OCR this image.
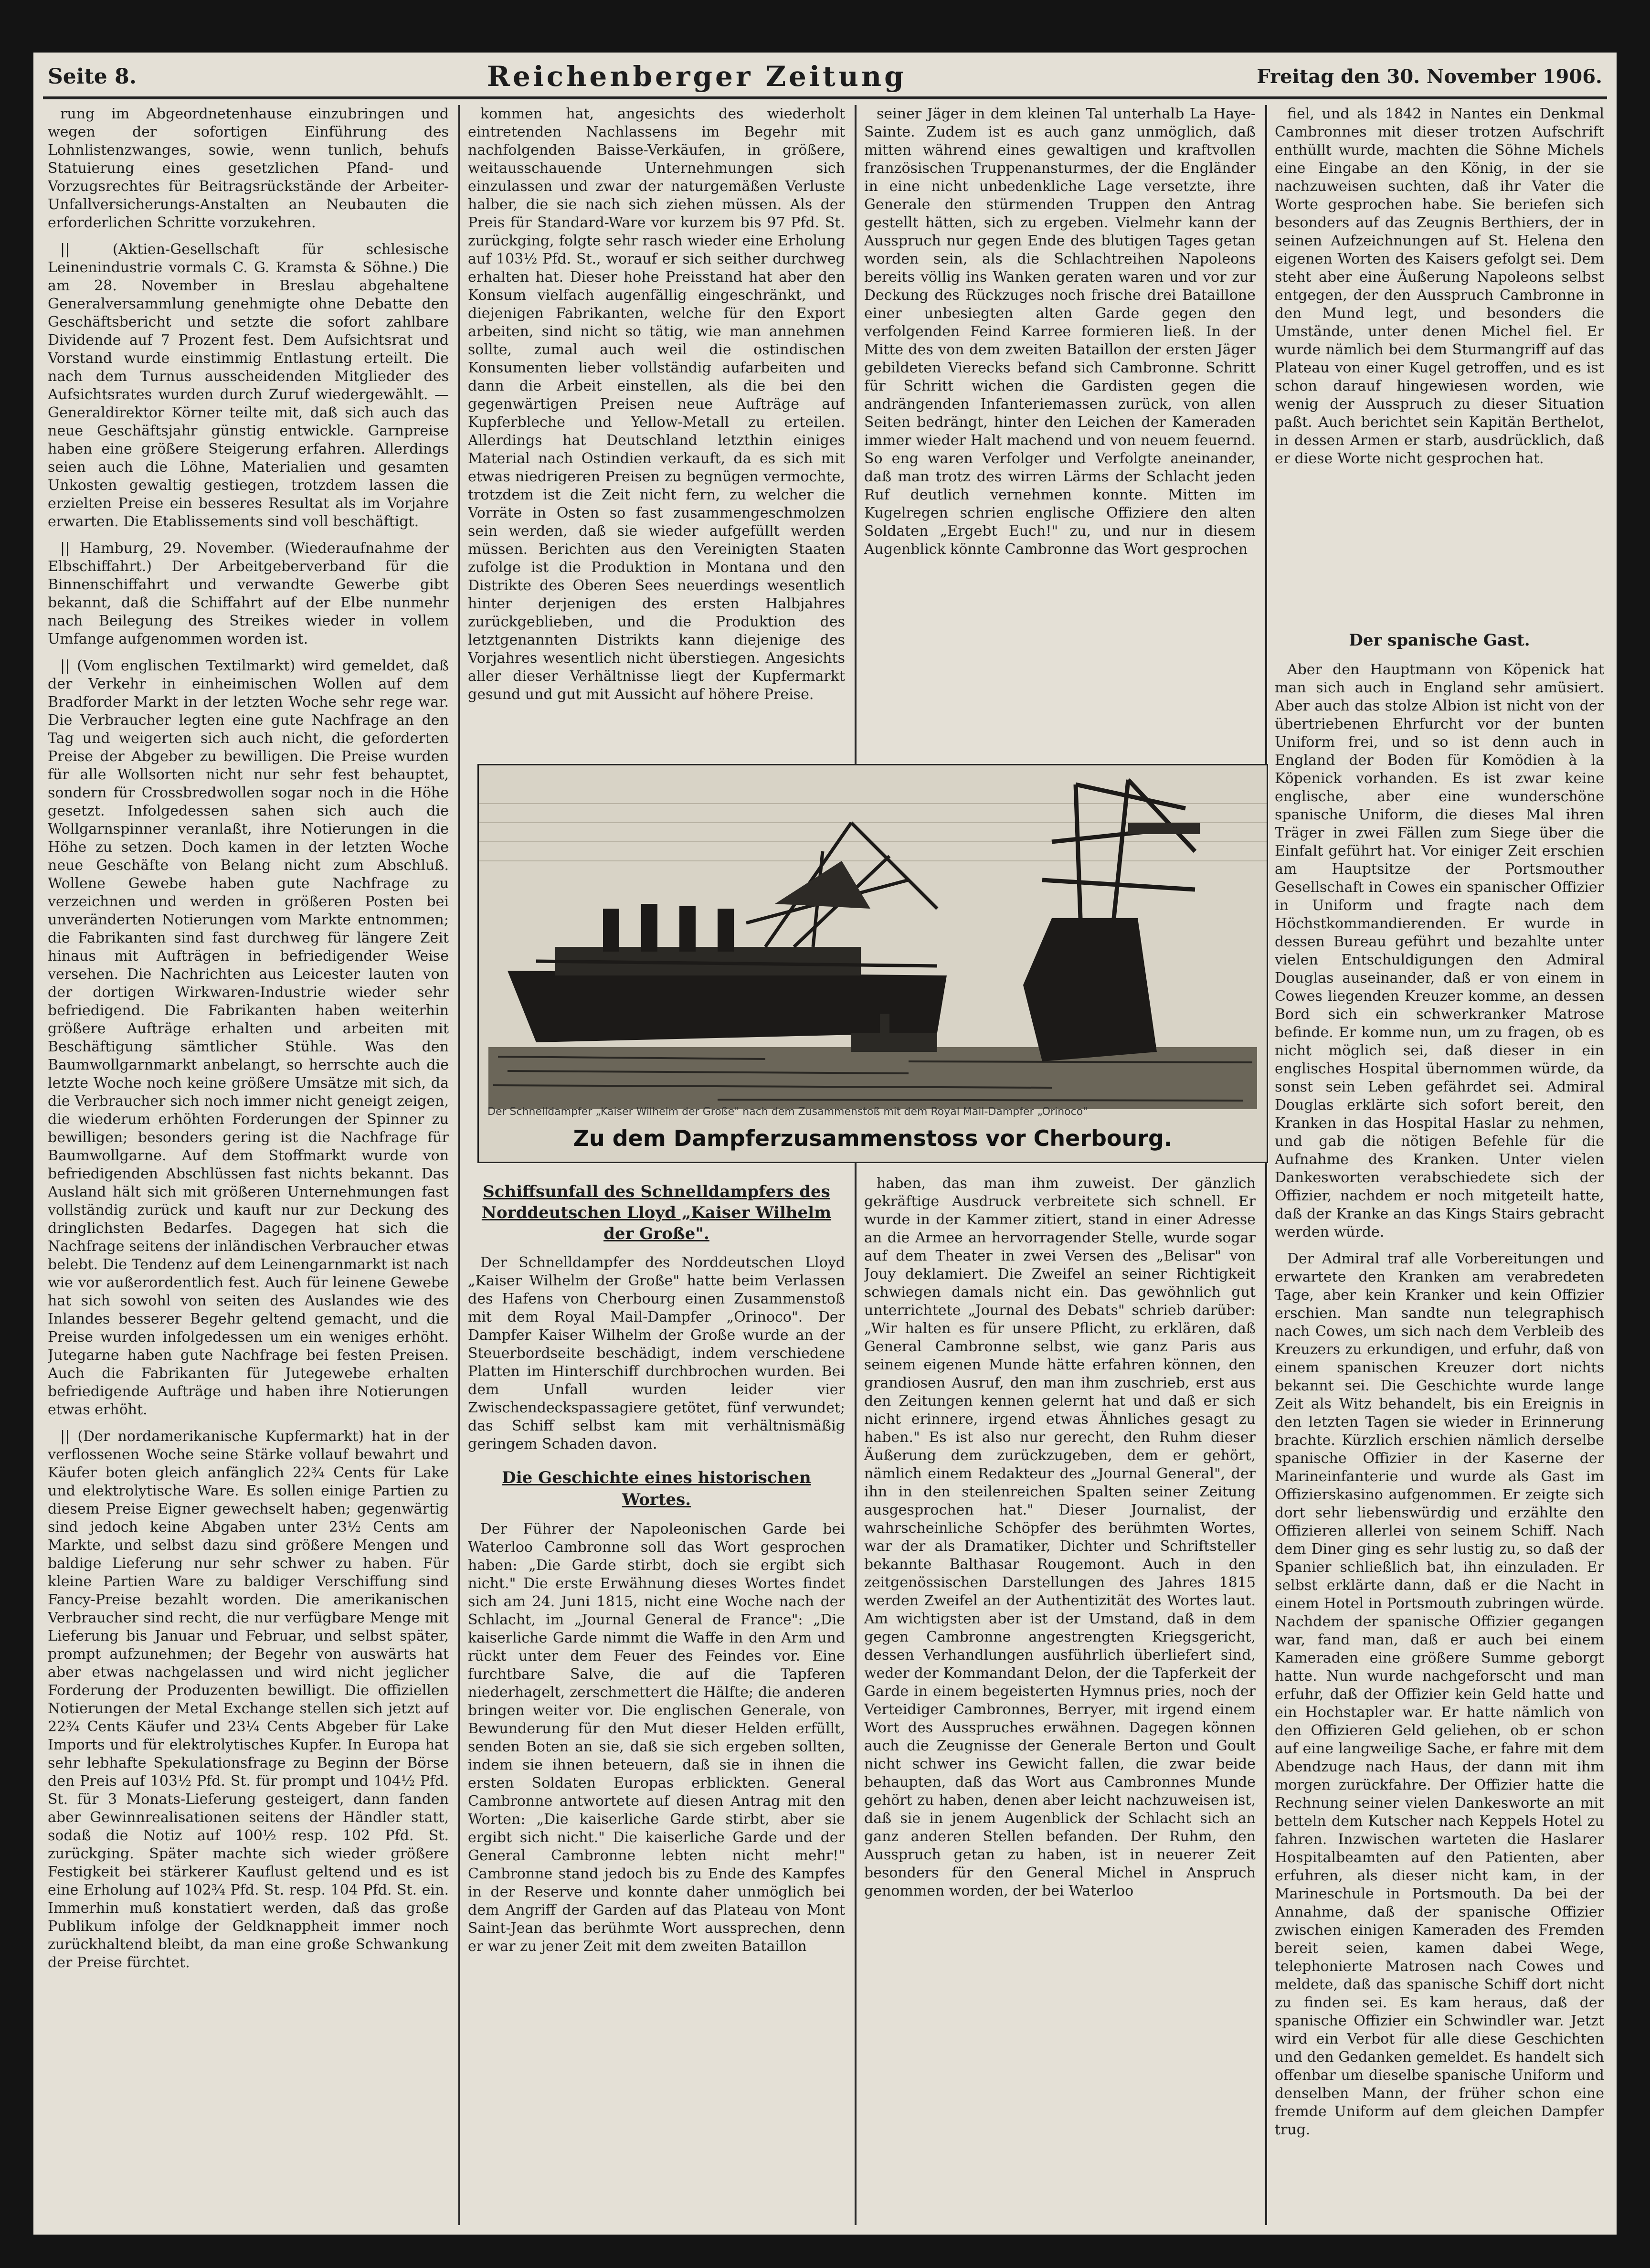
Seite 8.	Reichenberger Zeitung	Freitag den 30. November 1906.

rung im Abgeordnetenhause einzubringen und wegen der sofortigen Einführung des Lohnlistenzwanges, sowie, wenn tunlich, behufs Statuierung eines gesetzlichen Pfand- und Vorzugsrechtes für Beitragsrückstände der Arbeiter-Unfallversicherungs-Anstalten an Neubauten die erforderlichen Schritte vorzukehren.

|| (Aktien-Gesellschaft für schlesische Leinenindustrie vormals C. G. Kramsta & Söhne.) Die am 28. November in Breslau abgehaltene Generalversammlung genehmigte ohne Debatte den Geschäftsbericht und setzte die sofort zahlbare Dividende auf 7 Prozent fest. Dem Aufsichtsrat und Vorstand wurde einstimmig Entlastung erteilt. Die nach dem Turnus ausscheidenden Mitglieder des Aufsichtsrates wurden durch Zuruf wiedergewählt. — Generaldirektor Körner teilte mit, daß sich auch das neue Geschäftsjahr günstig entwickle. Garnpreise haben eine größere Steigerung erfahren. Allerdings seien auch die Löhne, Materialien und gesamten Unkosten gewaltig gestiegen, trotzdem lassen die erzielten Preise ein besseres Resultat als im Vorjahre erwarten. Die Etablissements sind voll beschäftigt.

|| Hamburg, 29. November. (Wiederaufnahme der Elbschiffahrt.) Der Arbeitgeberverband für die Binnenschiffahrt und verwandte Gewerbe gibt bekannt, daß die Schiffahrt auf der Elbe nunmehr nach Beilegung des Streikes wieder in vollem Umfange aufgenommen worden ist.

|| (Vom englischen Textilmarkt) wird gemeldet, daß der Verkehr in einheimischen Wollen auf dem Bradforder Markt in der letzten Woche sehr rege war. Die Verbraucher legten eine gute Nachfrage an den Tag und weigerten sich auch nicht, die geforderten Preise der Abgeber zu bewilligen. Die Preise wurden für alle Wollsorten nicht nur sehr fest behauptet, sondern für Crossbredwollen sogar noch in die Höhe gesetzt. Infolgedessen sahen sich auch die Wollgarnspinner veranlaßt, ihre Notierungen in die Höhe zu setzen. Doch kamen in der letzten Woche neue Geschäfte von Belang nicht zum Abschluß. Wollene Gewebe haben gute Nachfrage zu verzeichnen und werden in größeren Posten bei unveränderten Notierungen vom Markte entnommen; die Fabrikanten sind fast durchweg für längere Zeit hinaus mit Aufträgen in befriedigender Weise versehen. Die Nachrichten aus Leicester lauten von der dortigen Wirkwaren-Industrie wieder sehr befriedigend. Die Fabrikanten haben weiterhin größere Aufträge erhalten und arbeiten mit Beschäftigung sämtlicher Stühle. Was den Baumwollgarnmarkt anbelangt, so herrschte auch die letzte Woche noch keine größere Umsätze mit sich, da die Verbraucher sich noch immer nicht geneigt zeigen, die wiederum erhöhten Forderungen der Spinner zu bewilligen; besonders gering ist die Nachfrage für Baumwollgarne. Auf dem Stoffmarkt wurde von befriedigenden Abschlüssen fast nichts bekannt. Das Ausland hält sich mit größeren Unternehmungen fast vollständig zurück und kauft nur zur Deckung des dringlichsten Bedarfes. Dagegen hat sich die Nachfrage seitens der inländischen Verbraucher etwas belebt. Die Tendenz auf dem Leinengarnmarkt ist nach wie vor außerordentlich fest. Auch für leinene Gewebe hat sich sowohl von seiten des Auslandes wie des Inlandes besserer Begehr geltend gemacht, und die Preise wurden infolgedessen um ein weniges erhöht. Jutegarne haben gute Nachfrage bei festen Preisen. Auch die Fabrikanten für Jutegewebe erhalten befriedigende Aufträge und haben ihre Notierungen etwas erhöht.

|| (Der nordamerikanische Kupfermarkt) hat in der verflossenen Woche seine Stärke vollauf bewahrt und Käufer boten gleich anfänglich 22¾ Cents für Lake und elektrolytische Ware. Es sollen einige Partien zu diesem Preise Eigner gewechselt haben; gegenwärtig sind jedoch keine Abgaben unter 23½ Cents am Markte, und selbst dazu sind größere Mengen und baldige Lieferung nur sehr schwer zu haben. Für kleine Partien Ware zu baldiger Verschiffung sind Fancy-Preise bezahlt worden. Die amerikanischen Verbraucher sind recht, die nur verfügbare Menge mit Lieferung bis Januar und Februar, und selbst später, prompt aufzunehmen; der Begehr von auswärts hat aber etwas nachgelassen und wird nicht jeglicher Forderung der Produzenten bewilligt. Die offiziellen Notierungen der Metal Exchange stellen sich jetzt auf 22¾ Cents Käufer und 23¼ Cents Abgeber für Lake Imports und für elektrolytisches Kupfer. In Europa hat sehr lebhafte Spekulationsfrage zu Beginn der Börse den Preis auf 103½ Pfd. St. für prompt und 104½ Pfd. St. für 3 Monats-Lieferung gesteigert, dann fanden aber Gewinnrealisationen seitens der Händler statt, sodaß die Notiz auf 100½ resp. 102 Pfd. St. zurückging. Später machte sich wieder größere Festigkeit bei stärkerer Kauflust geltend und es ist eine Erholung auf 102¾ Pfd. St. resp. 104 Pfd. St. ein. Immerhin muß konstatiert werden, daß das große Publikum infolge der Geldknappheit immer noch zurückhaltend bleibt, da man eine große Schwankung der Preise fürchtet.

kommen hat, angesichts des wiederholt eintretenden Nachlassens im Begehr mit nachfolgenden Baisse-Verkäufen, in größere, weitausschauende Unternehmungen sich einzulassen und zwar der naturgemäßen Verluste halber, die sie nach sich ziehen müssen. Als der Preis für Standard-Ware vor kurzem bis 97 Pfd. St. zurückging, folgte sehr rasch wieder eine Erholung auf 103½ Pfd. St., worauf er sich seither durchweg erhalten hat. Dieser hohe Preisstand hat aber den Konsum vielfach augenfällig eingeschränkt, und diejenigen Fabrikanten, welche für den Export arbeiten, sind nicht so tätig, wie man annehmen sollte, zumal auch weil die ostindischen Konsumenten lieber vollständig aufarbeiten und dann die Arbeit einstellen, als die bei den gegenwärtigen Preisen neue Aufträge auf Kupferbleche und Yellow-Metall zu erteilen. Allerdings hat Deutschland letzthin einiges Material nach Ostindien verkauft, da es sich mit etwas niedrigeren Preisen zu begnügen vermochte, trotzdem ist die Zeit nicht fern, zu welcher die Vorräte in Osten so fast zusammengeschmolzen sein werden, daß sie wieder aufgefüllt werden müssen. Berichten aus den Vereinigten Staaten zufolge ist die Produktion in Montana und den Distrikte des Oberen Sees neuerdings wesentlich hinter derjenigen des ersten Halbjahres zurückgeblieben, und die Produktion des letztgenannten Distrikts kann diejenige des Vorjahres wesentlich nicht überstiegen. Angesichts aller dieser Verhältnisse liegt der Kupfermarkt gesund und gut mit Aussicht auf höhere Preise.

seiner Jäger in dem kleinen Tal unterhalb La Haye-Sainte. Zudem ist es auch ganz unmöglich, daß mitten während eines gewaltigen und kraftvollen französischen Truppenansturmes, der die Engländer in eine nicht unbedenkliche Lage versetzte, ihre Generale den stürmenden Truppen den Antrag gestellt hätten, sich zu ergeben. Vielmehr kann der Ausspruch nur gegen Ende des blutigen Tages getan worden sein, als die Schlachtreihen Napoleons bereits völlig ins Wanken geraten waren und vor zur Deckung des Rückzuges noch frische drei Bataillone einer unbesiegten alten Garde gegen den verfolgenden Feind Karree formieren ließ. In der Mitte des von dem zweiten Bataillon der ersten Jäger gebildeten Vierecks befand sich Cambronne. Schritt für Schritt wichen die Gardisten gegen die andrängenden Infanteriemassen zurück, von allen Seiten bedrängt, hinter den Leichen der Kameraden immer wieder Halt machend und von neuem feuernd. So eng waren Verfolger und Verfolgte aneinander, daß man trotz des wirren Lärms der Schlacht jeden Ruf deutlich vernehmen konnte. Mitten im Kugelregen schrien englische Offiziere den alten Soldaten „Ergebt Euch!" zu, und nur in diesem Augenblick könnte Cambronne das Wort gesprochen

fiel, und als 1842 in Nantes ein Denkmal Cambronnes mit dieser trotzen Aufschrift enthüllt wurde, machten die Söhne Michels eine Eingabe an den König, in der sie nachzuweisen suchten, daß ihr Vater die Worte gesprochen habe. Sie beriefen sich besonders auf das Zeugnis Berthiers, der in seinen Aufzeichnungen auf St. Helena den eigenen Worten des Kaisers gefolgt sei. Dem steht aber eine Äußerung Napoleons selbst entgegen, der den Ausspruch Cambronne in den Mund legt, und besonders die Umstände, unter denen Michel fiel. Er wurde nämlich bei dem Sturmangriff auf das Plateau von einer Kugel getroffen, und es ist schon darauf hingewiesen worden, wie wenig der Ausspruch zu dieser Situation paßt. Auch berichtet sein Kapitän Berthelot, in dessen Armen er starb, ausdrücklich, daß er diese Worte nicht gesprochen hat.

Der spanische Gast.

Aber den Hauptmann von Köpenick hat man sich auch in England sehr amüsiert. Aber auch das stolze Albion ist nicht von der übertriebenen Ehrfurcht vor der bunten Uniform frei, und so ist denn auch in England der Boden für Komödien à la Köpenick vorhanden. Es ist zwar keine englische, aber eine wunderschöne spanische Uniform, die dieses Mal ihren Träger in zwei Fällen zum Siege über die Einfalt geführt hat. Vor einiger Zeit erschien am Hauptsitze der Portsmouther Gesellschaft in Cowes ein spanischer Offizier in Uniform und fragte nach dem Höchstkommandierenden. Er wurde in dessen Bureau geführt und bezahlte unter vielen Entschuldigungen den Admiral Douglas auseinander, daß er von einem in Cowes liegenden Kreuzer komme, an dessen Bord sich ein schwerkranker Matrose befinde. Er komme nun, um zu fragen, ob es nicht möglich sei, daß dieser in ein englisches Hospital übernommen würde, da sonst sein Leben gefährdet sei. Admiral Douglas erklärte sich sofort bereit, den Kranken in das Hospital Haslar zu nehmen, und gab die nötigen Befehle für die Aufnahme des Kranken. Unter vielen Dankesworten verabschiedete sich der Offizier, nachdem er noch mitgeteilt hatte, daß der Kranke an das Kings Stairs gebracht werden würde.

Der Admiral traf alle Vorbereitungen und erwartete den Kranken am verabredeten Tage, aber kein Kranker und kein Offizier erschien. Man sandte nun telegraphisch nach Cowes, um sich nach dem Verbleib des Kreuzers zu erkundigen, und erfuhr, daß von einem spanischen Kreuzer dort nichts bekannt sei. Die Geschichte wurde lange Zeit als Witz behandelt, bis ein Ereignis in den letzten Tagen sie wieder in Erinnerung brachte. Kürzlich erschien nämlich derselbe spanische Offizier in der Kaserne der Marineinfanterie und wurde als Gast im Offizierskasino aufgenommen. Er zeigte sich dort sehr liebenswürdig und erzählte den Offizieren allerlei von seinem Schiff. Nach dem Diner ging es sehr lustig zu, so daß der Spanier schließlich bat, ihn einzuladen. Er selbst erklärte dann, daß er die Nacht in einem Hotel in Portsmouth zubringen würde. Nachdem der spanische Offizier gegangen war, fand man, daß er auch bei einem Kameraden eine größere Summe geborgt hatte. Nun wurde nachgeforscht und man erfuhr, daß der Offizier kein Geld hatte und ein Hochstapler war. Er hatte nämlich von den Offizieren Geld geliehen, ob er schon auf eine langweilige Sache, er fahre mit dem Abendzuge nach Haus, der dann mit ihm morgen zurückfahre. Der Offizier hatte die Rechnung seiner vielen Dankesworte an mit betteln dem Kutscher nach Keppels Hotel zu fahren. Inzwischen warteten die Haslarer Hospitalbeamten auf den Patienten, aber erfuhren, als dieser nicht kam, in der Marineschule in Portsmouth. Da bei der Annahme, daß der spanische Offizier zwischen einigen Kameraden des Fremden bereit seien, kamen dabei Wege, telephonierte Matrosen nach Cowes und meldete, daß das spanische Schiff dort nicht zu finden sei. Es kam heraus, daß der spanische Offizier ein Schwindler war. Jetzt wird ein Verbot für alle diese Geschichten und den Gedanken gemeldet. Es handelt sich offenbar um dieselbe spanische Uniform und denselben Mann, der früher schon eine fremde Uniform auf dem gleichen Dampfer trug.

Der Schnelldampfer „Kaiser Wilhelm der Große" nach dem Zusammenstoß mit dem Royal Mail-Dampfer „Orinoco"
Zu dem Dampferzusammenstoss vor Cherbourg.
Schiffsunfall des Schnelldampfers des Norddeutschen Lloyd „Kaiser Wilhelm der Große".

Der Schnelldampfer des Norddeutschen Lloyd „Kaiser Wilhelm der Große" hatte beim Verlassen des Hafens von Cherbourg einen Zusammenstoß mit dem Royal Mail-Dampfer „Orinoco". Der Dampfer Kaiser Wilhelm der Große wurde an der Steuerbordseite beschädigt, indem verschiedene Platten im Hinterschiff durchbrochen wurden. Bei dem Unfall wurden leider vier Zwischendeckspassagiere getötet, fünf verwundet; das Schiff selbst kam mit verhältnismäßig geringem Schaden davon.

Die Geschichte eines historischen Wortes.

Der Führer der Napoleonischen Garde bei Waterloo Cambronne soll das Wort gesprochen haben: „Die Garde stirbt, doch sie ergibt sich nicht." Die erste Erwähnung dieses Wortes findet sich am 24. Juni 1815, nicht eine Woche nach der Schlacht, im „Journal General de France": „Die kaiserliche Garde nimmt die Waffe in den Arm und rückt unter dem Feuer des Feindes vor. Eine furchtbare Salve, die auf die Tapferen niederhagelt, zerschmettert die Hälfte; die anderen bringen weiter vor. Die englischen Generale, von Bewunderung für den Mut dieser Helden erfüllt, senden Boten an sie, daß sie sich ergeben sollten, indem sie ihnen beteuern, daß sie in ihnen die ersten Soldaten Europas erblickten. General Cambronne antwortete auf diesen Antrag mit den Worten: „Die kaiserliche Garde stirbt, aber sie ergibt sich nicht." Die kaiserliche Garde und der General Cambronne lebten nicht mehr!" Cambronne stand jedoch bis zu Ende des Kampfes in der Reserve und konnte daher unmöglich bei dem Angriff der Garden auf das Plateau von Mont Saint-Jean das berühmte Wort aussprechen, denn er war zu jener Zeit mit dem zweiten Bataillon

haben, das man ihm zuweist. Der gänzlich gekräftige Ausdruck verbreitete sich schnell. Er wurde in der Kammer zitiert, stand in einer Adresse an die Armee an hervorragender Stelle, wurde sogar auf dem Theater in zwei Versen des „Belisar" von Jouy deklamiert. Die Zweifel an seiner Richtigkeit schwiegen damals nicht ein. Das gewöhnlich gut unterrichtete „Journal des Debats" schrieb darüber: „Wir halten es für unsere Pflicht, zu erklären, daß General Cambronne selbst, wie ganz Paris aus seinem eigenen Munde hätte erfahren können, den grandiosen Ausruf, den man ihm zuschrieb, erst aus den Zeitungen kennen gelernt hat und daß er sich nicht erinnere, irgend etwas Ähnliches gesagt zu haben." Es ist also nur gerecht, den Ruhm dieser Äußerung dem zurückzugeben, dem er gehört, nämlich einem Redakteur des „Journal General", der ihn in den steilenreichen Spalten seiner Zeitung ausgesprochen hat." Dieser Journalist, der wahrscheinliche Schöpfer des berühmten Wortes, war der als Dramatiker, Dichter und Schriftsteller bekannte Balthasar Rougemont. Auch in den zeitgenössischen Darstellungen des Jahres 1815 werden Zweifel an der Authentizität des Wortes laut. Am wichtigsten aber ist der Umstand, daß in dem gegen Cambronne angestrengten Kriegsgericht, dessen Verhandlungen ausführlich überliefert sind, weder der Kommandant Delon, der die Tapferkeit der Garde in einem begeisterten Hymnus pries, noch der Verteidiger Cambronnes, Berryer, mit irgend einem Wort des Ausspruches erwähnen. Dagegen können auch die Zeugnisse der Generale Berton und Goult nicht schwer ins Gewicht fallen, die zwar beide behaupten, daß das Wort aus Cambronnes Munde gehört zu haben, denen aber leicht nachzuweisen ist, daß sie in jenem Augenblick der Schlacht sich an ganz anderen Stellen befanden. Der Ruhm, den Ausspruch getan zu haben, ist in neuerer Zeit besonders für den General Michel in Anspruch genommen worden, der bei Waterloo
